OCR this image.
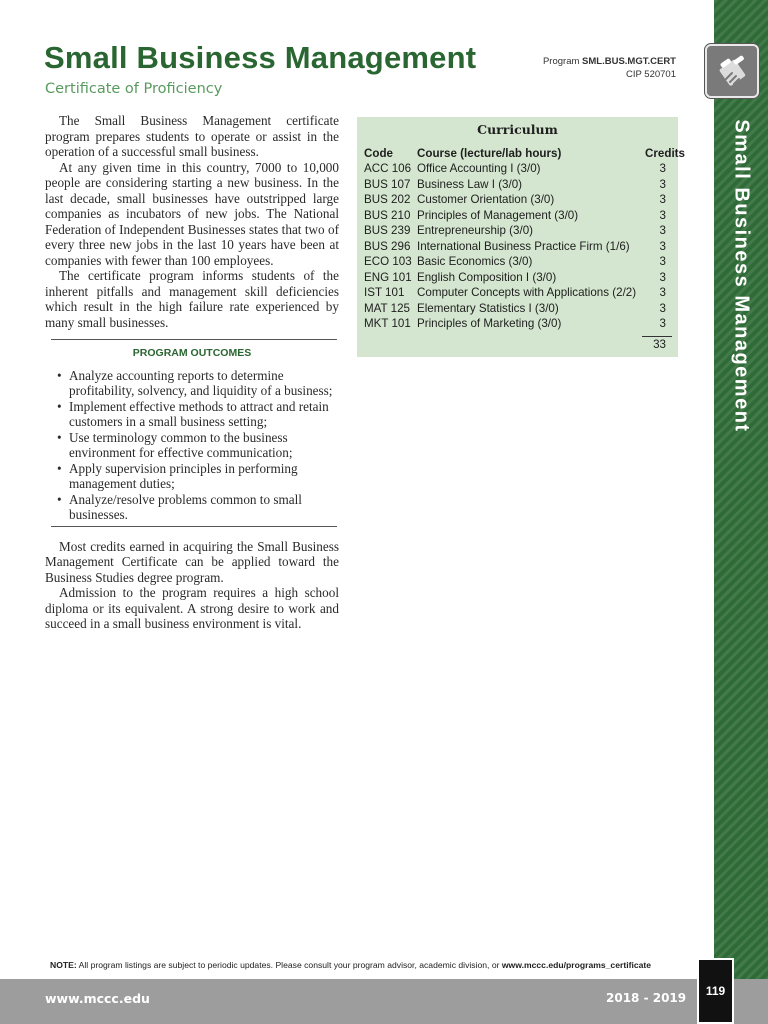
Small Business Management
Small Business Management
Certificate of Proficiency
Program SML.BUS.MGT.CERT
CIP 520701

The Small Business Management certificate program prepares students to operate or assist in the operation of a successful small business.

At any given time in this country, 7000 to 10,000 people are considering starting a new business. In the last decade, small businesses have outstripped large companies as incubators of new jobs. The National Federation of Independent Businesses states that two of every three new jobs in the last 10 years have been at companies with fewer than 100 employees.

The certificate program informs students of the inherent pitfalls and management skill deficiencies which result in the high failure rate experienced by many small businesses.

PROGRAM OUTCOMES
• Analyze accounting reports to determine profitability, solvency, and liquidity of a business;
• Implement effective methods to attract and retain customers in a small business setting;
• Use terminology common to the business environment for effective communication;
• Apply supervision principles in performing management duties;
• Analyze/resolve problems common to small businesses.

Most credits earned in acquiring the Small Business Management Certificate can be applied toward the Business Studies degree program.

Admission to the program requires a high school diploma or its equivalent. A strong desire to work and succeed in a small business environment is vital.

Curriculum
Code Course (lecture/lab hours)	Credits
ACC 106 Office Accounting I (3/0)	3
BUS 107 Business Law I (3/0)	3
BUS 202 Customer Orientation (3/0)	3
BUS 210 Principles of Management (3/0)	3
BUS 239 Entrepreneurship (3/0)	3
BUS 296 International Business Practice Firm (1/6)	3
ECO 103 Basic Economics (3/0)	3
ENG 101 English Composition I (3/0)	3
IST 101 Computer Concepts with Applications (2/2) 3
MAT 125 Elementary Statistics I (3/0)	3
MKT 101 Principles of Marketing (3/0)	3
33
NOTE: All program listings are subject to periodic updates. Please consult your program advisor, academic division, or www.mccc.edu/programs_certificate
www.mccc.edu	2018 - 2019	119
